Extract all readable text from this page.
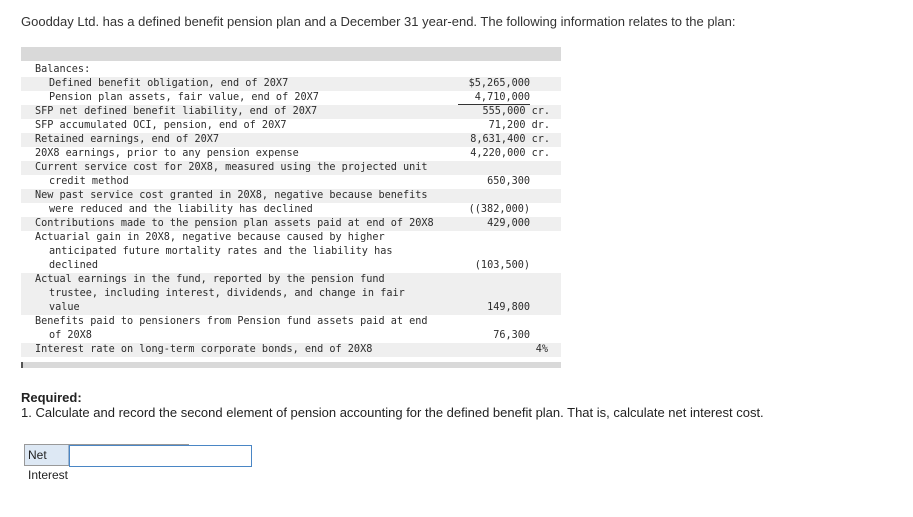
Goodday Ltd. has a defined benefit pension plan and a December 31 year-end. The following information relates to the plan:
Balances:
Defined benefit obligation, end of 20X7	$5,265,000
Pension plan assets, fair value, end of 20X7	4,710,000
SFP net defined benefit liability, end of 20X7	555,000 cr.
SFP accumulated OCI, pension, end of 20X7	71,200 dr.
Retained earnings, end of 20X7	8,631,400 cr.
20X8 earnings, prior to any pension expense	4,220,000 cr.
Current service cost for 20X8, measured using the projected unit
credit method	650,300
New past service cost granted in 20X8, negative because benefits
were reduced and the liability has declined	((382,000)
Contributions made to the pension plan assets paid at end of 20X8	429,000
Actuarial gain in 20X8, negative because caused by higher
anticipated future mortality rates and the liability has
declined	(103,500)
Actual earnings in the fund, reported by the pension fund
trustee, including interest, dividends, and change in fair
value	149,800
Benefits paid to pensioners from Pension fund assets paid at end
of 20X8	76,300
Interest rate on long-term corporate bonds, end of 20X8	4%
Required:
1. Calculate and record the second element of pension accounting for the defined benefit plan. That is, calculate net interest cost.
Net Interest
